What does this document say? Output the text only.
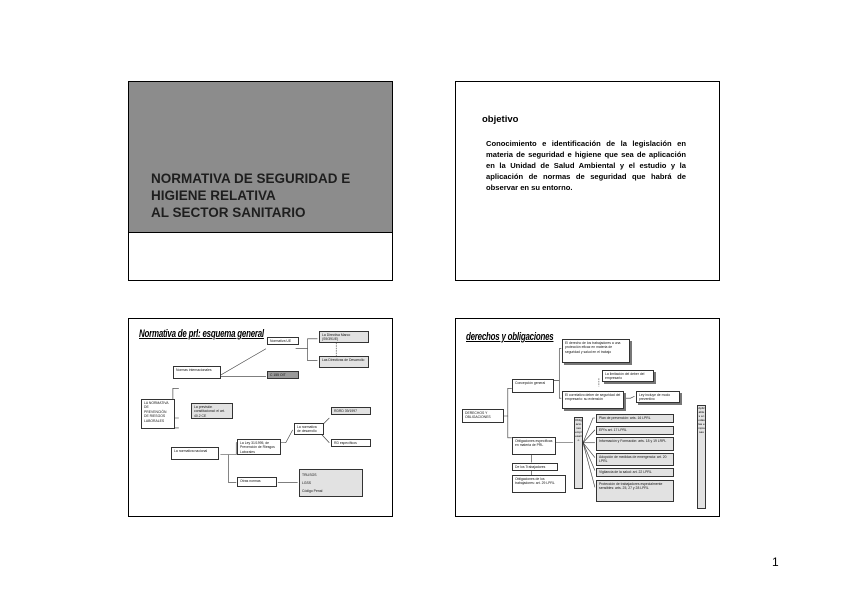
NORMATIVA DE SEGURIDAD E
HIGIENE RELATIVA
AL SECTOR SANITARIO
objetivo

Conocimiento e identificación de la legislación en materia de seguridad e higiene que sea de aplicación en la Unidad de Salud Ambiental y el estudio y la aplicación de normas de seguridad que habrá de observar en su entorno.

Normativa de prl: esquema general
LA NORMATIVA DE PREVENCIÓN DE RIESGOS LABORALES
Normas internacionales
Normativa UE
La Directiva Marco (S9/391/E)
Las Directivas de Desarrollo
C 155 OIT
La previsión constitucional: el art. 40.2 CE
La normativa nacional
La Ley 31/1995, de Prevención de Riesgos Laborales
La normativa de desarrollo
RDRD 39/1997
RD específicos
Otras normas
TRLISOS
LGSS
Código Penal
derechos y obligaciones
DERECHOS Y OBLIGACIONES
Concepción general
El derecho de los trabajadores a una protección eficaz en materia de seguridad y salud en el trabajo
La limitación del deber del empresario
El correlativo deber de seguridad del empresario: su extensión
Ley incluye de modo preventivo
Obligaciones específicas en materia de PRL
De los Trabajadores
Obligaciones de los trabajadores: art. 29 LPRL
Obligaciones empresario
Plan de prevención: arts. 16 LPRL
EPI's art. 17 LPRL
Información y Formación: arts. 18 y 19 LRPL
Adopción de medidas de emergencia: art. 20 LPRL
Vigilancia de la salud: art. 22 LPRL
Protección de trabajadores especialmente sensibles: arts. 25, 27 y 28 LPRL
Aplicables a todas las empresas
1
